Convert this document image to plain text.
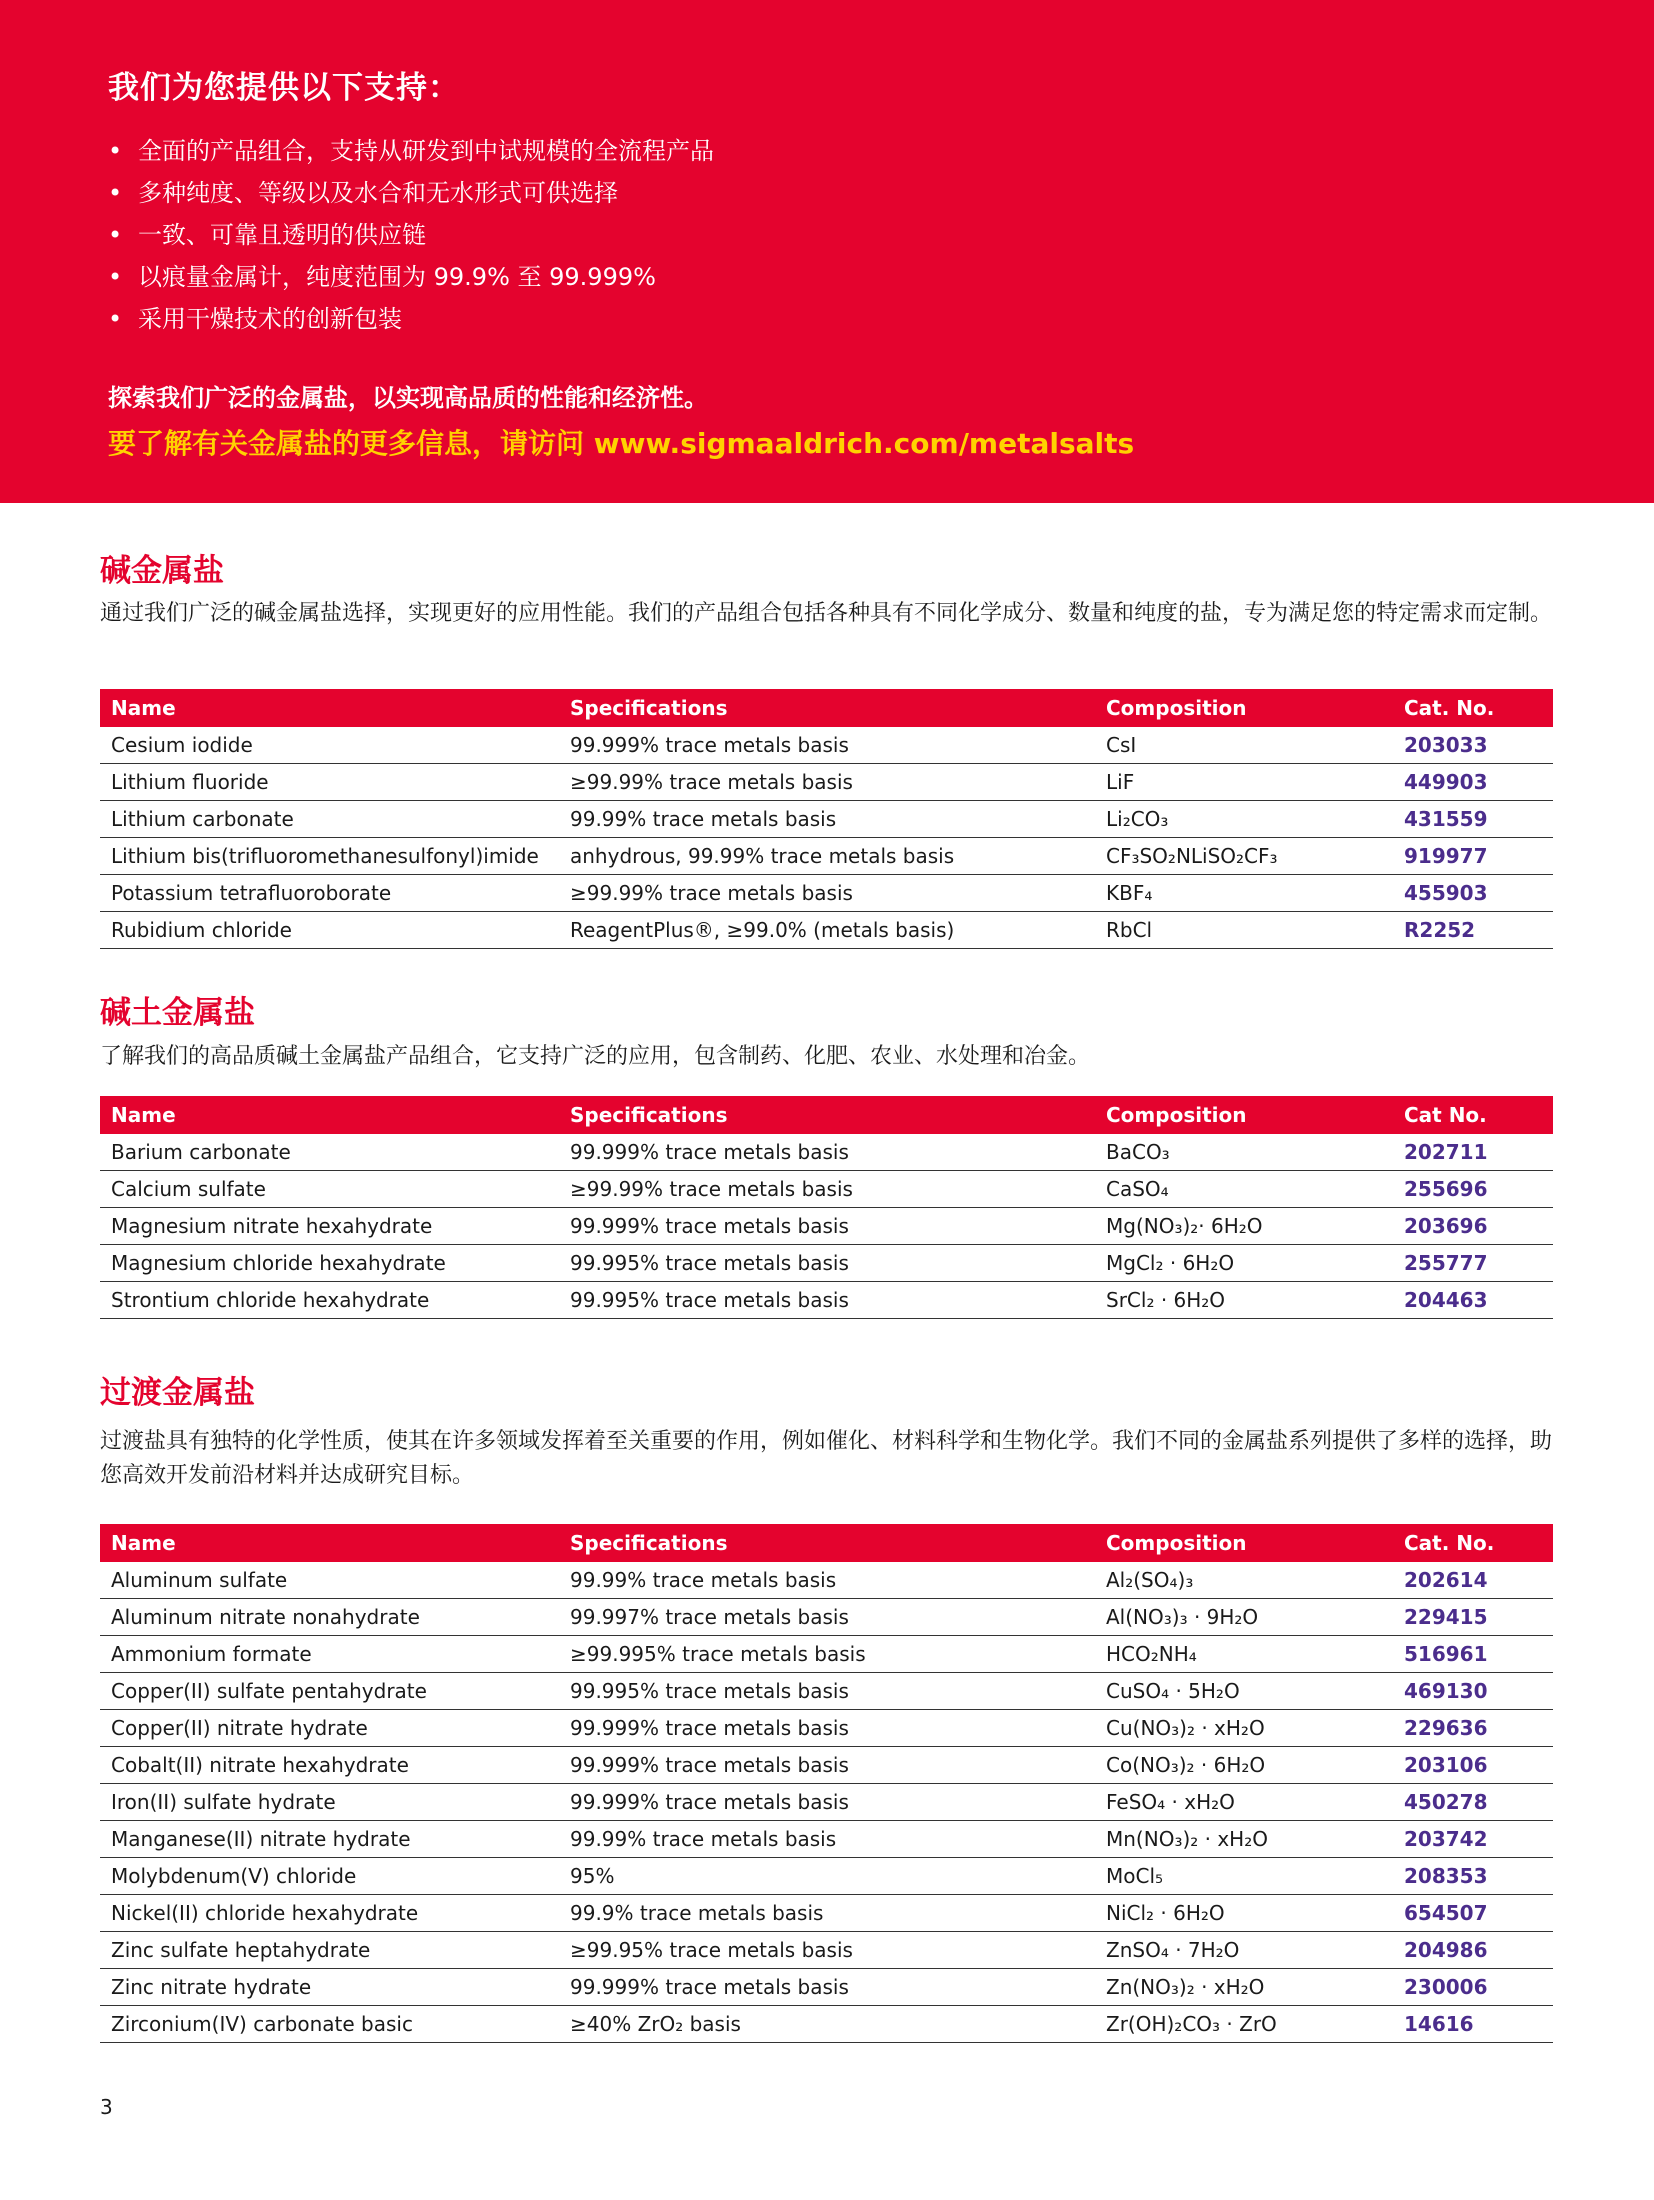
我们为您提供以下支持：
• 全面的产品组合，支持从研发到中试规模的全流程产品
• 多种纯度、等级以及水合和无水形式可供选择
• 一致、可靠且透明的供应链
• 以痕量金属计，纯度范围为 99.9% 至 99.999%
• 采用干燥技术的创新包装
探索我们广泛的金属盐，以实现高品质的性能和经济性。
要了解有关金属盐的更多信息，请访问 www.sigmaaldrich.com/metalsalts
碱金属盐
通过我们广泛的碱金属盐选择，实现更好的应用性能。我们的产品组合包括各种具有不同化学成分、数量和纯度的盐，专为满足您的特定需求而定制。
Name	Specifications	Composition	Cat. No.
Cesium iodide	99.999% trace metals basis	CsI	203033
Lithium fluoride	≥99.99% trace metals basis	LiF	449903
Lithium carbonate	99.99% trace metals basis	Li₂CO₃	431559
Lithium bis(trifluoromethanesulfonyl)imide	anhydrous, 99.99% trace metals basis	CF₃SO₂NLiSO₂CF₃	919977
Potassium tetrafluoroborate	≥99.99% trace metals basis	KBF₄	455903
Rubidium chloride	ReagentPlus®, ≥99.0% (metals basis)	RbCl	R2252
碱土金属盐
了解我们的高品质碱土金属盐产品组合，它支持广泛的应用，包含制药、化肥、农业、水处理和冶金。
Name	Specifications	Composition	Cat No.
Barium carbonate	99.999% trace metals basis	BaCO₃	202711
Calcium sulfate	≥99.99% trace metals basis	CaSO₄	255696
Magnesium nitrate hexahydrate	99.999% trace metals basis	Mg(NO₃)₂· 6H₂O	203696
Magnesium chloride hexahydrate	99.995% trace metals basis	MgCl₂ · 6H₂O	255777
Strontium chloride hexahydrate	99.995% trace metals basis	SrCl₂ · 6H₂O	204463
过渡金属盐
过渡盐具有独特的化学性质，使其在许多领域发挥着至关重要的作用，例如催化、材料科学和生物化学。我们不同的金属盐系列提供了多样的选择，助您高效开发前沿材料并达成研究目标。
Name	Specifications	Composition	Cat. No.
Aluminum sulfate	99.99% trace metals basis	Al₂(SO₄)₃	202614
Aluminum nitrate nonahydrate	99.997% trace metals basis	Al(NO₃)₃ · 9H₂O	229415
Ammonium formate	≥99.995% trace metals basis	HCO₂NH₄	516961
Copper(II) sulfate pentahydrate	99.995% trace metals basis	CuSO₄ · 5H₂O	469130
Copper(II) nitrate hydrate	99.999% trace metals basis	Cu(NO₃)₂ · xH₂O	229636
Cobalt(II) nitrate hexahydrate	99.999% trace metals basis	Co(NO₃)₂ · 6H₂O	203106
Iron(II) sulfate hydrate	99.999% trace metals basis	FeSO₄ · xH₂O	450278
Manganese(II) nitrate hydrate	99.99% trace metals basis	Mn(NO₃)₂ · xH₂O	203742
Molybdenum(V) chloride	95%	MoCl₅	208353
Nickel(II) chloride hexahydrate	99.9% trace metals basis	NiCl₂ · 6H₂O	654507
Zinc sulfate heptahydrate	≥99.95% trace metals basis	ZnSO₄ · 7H₂O	204986
Zinc nitrate hydrate	99.999% trace metals basis	Zn(NO₃)₂ · xH₂O	230006
Zirconium(IV) carbonate basic	≥40% ZrO₂ basis	Zr(OH)₂CO₃ · ZrO	14616
3
